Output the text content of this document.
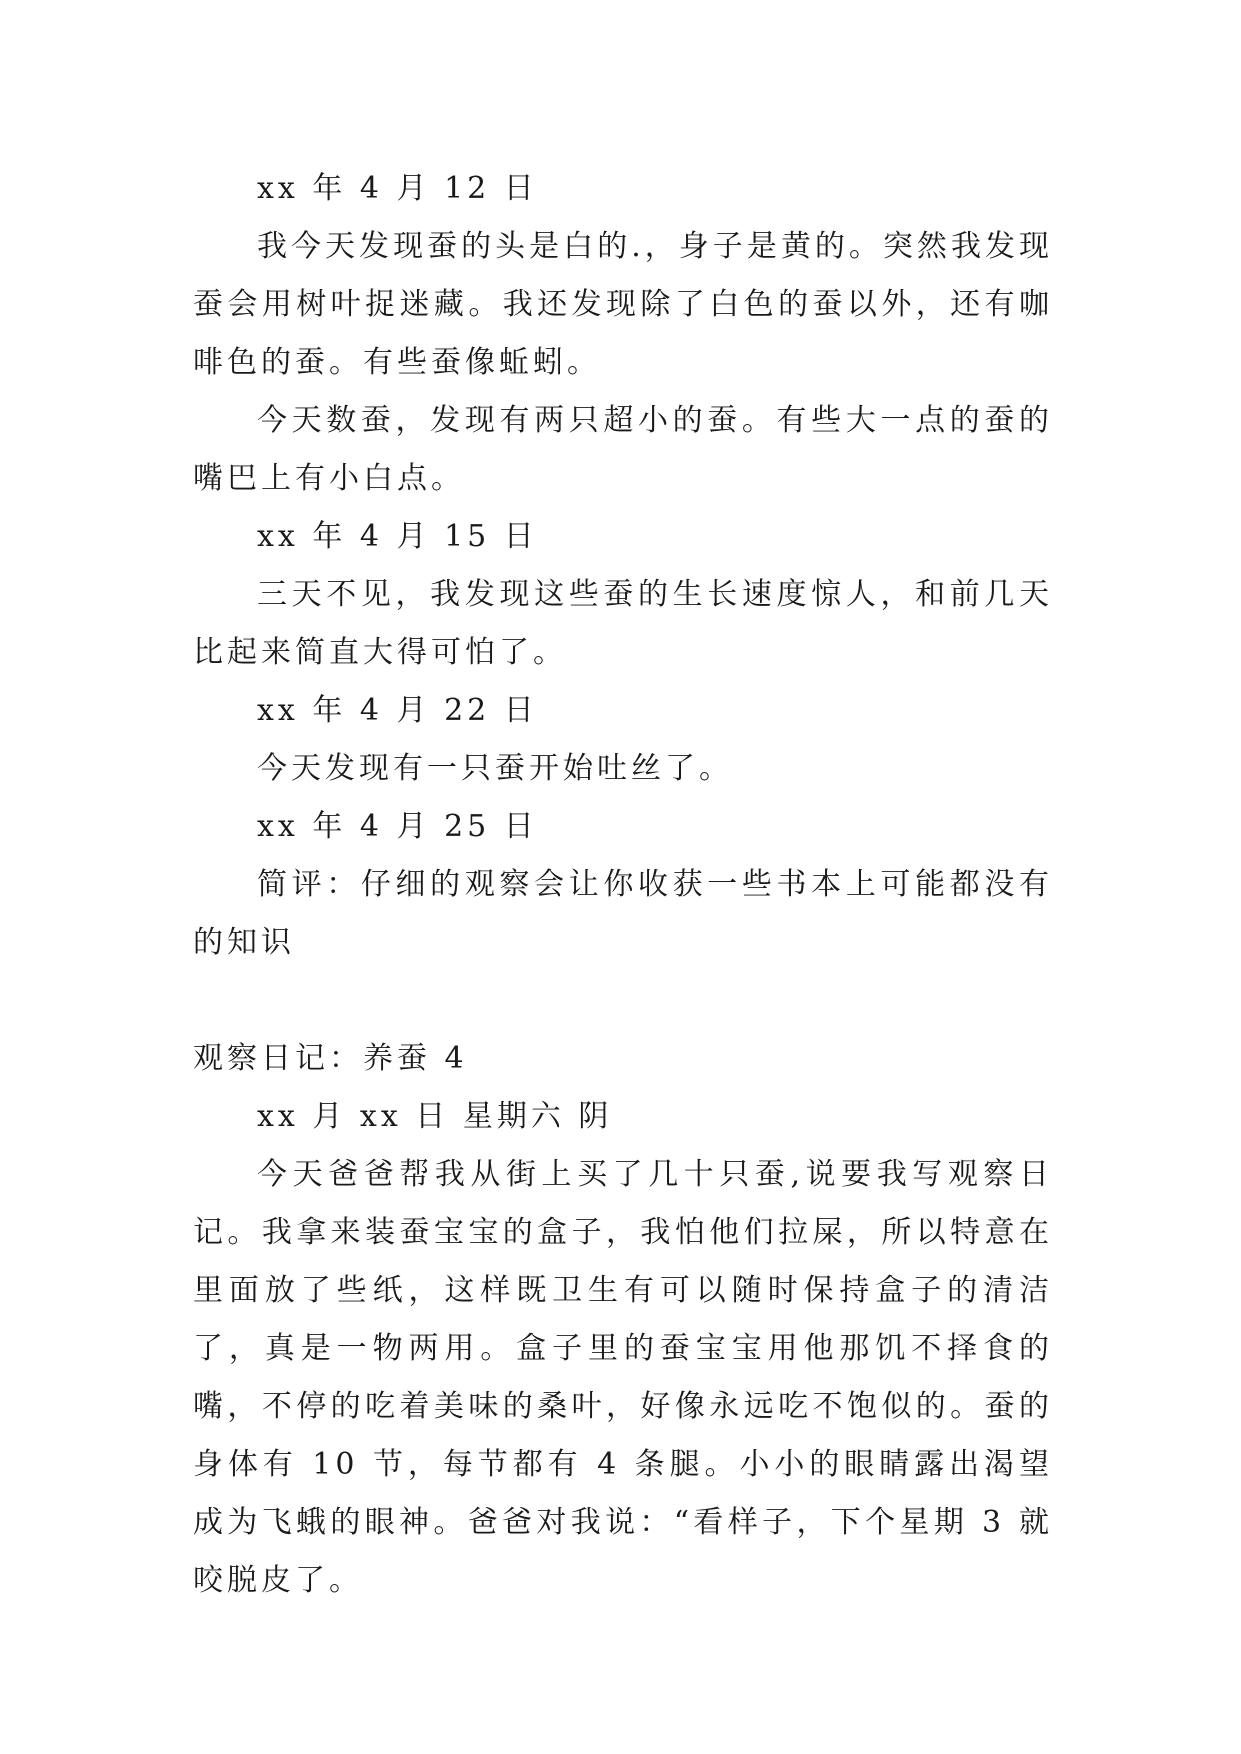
xx 年 4 月 12 日

我今天发现蚕的头是白的.，身子是黄的。突然我发现蚕会用树叶捉迷藏。我还发现除了白色的蚕以外，还有咖啡色的蚕。有些蚕像蚯蚓。

今天数蚕，发现有两只超小的蚕。有些大一点的蚕的嘴巴上有小白点。

xx 年 4 月 15 日

三天不见，我发现这些蚕的生长速度惊人，和前几天比起来简直大得可怕了。

xx 年 4 月 22 日

今天发现有一只蚕开始吐丝了。

xx 年 4 月 25 日

简评：仔细的观察会让你收获一些书本上可能都没有的知识

观察日记：养蚕 4

xx 月 xx 日 星期六 阴

今天爸爸帮我从街上买了几十只蚕,说要我写观察日记。我拿来装蚕宝宝的盒子，我怕他们拉屎，所以特意在里面放了些纸，这样既卫生有可以随时保持盒子的清洁了，真是一物两用。盒子里的蚕宝宝用他那饥不择食的嘴，不停的吃着美味的桑叶，好像永远吃不饱似的。蚕的身体有 10 节，每节都有 4 条腿。小小的眼睛露出渴望成为飞蛾的眼神。爸爸对我说：“看样子，下个星期 3 就咬脱皮了。
